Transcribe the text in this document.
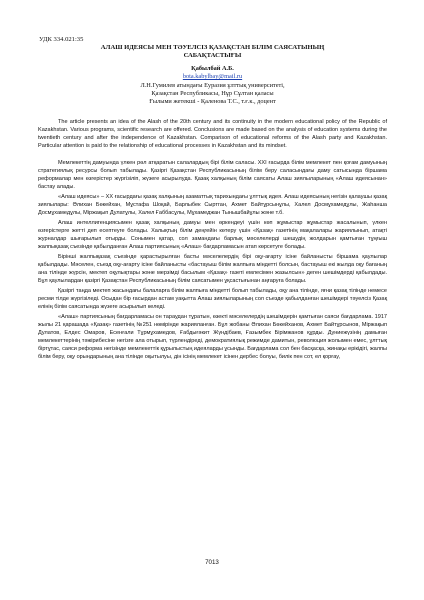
УДК 334.021:35
АЛАШ ИДЕЯСЫ МЕН ТӘУЕЛСІЗ ҚАЗАҚСТАН БІЛІМ САЯСАТЫНЫҢ
САБАҚТАСТЫҒЫ
Қабылбай А.Б.
bota.kabylbay@mail.ru
Л.Н.Гумилев атындағы Еуразия ұлттық университеті,
Қазақстан Республикасы, Нұр Сұлтан қаласы
Ғылыми жетекші - Қаленова Т.С., т.ғ.к., доцент
The article presents an idea of the Alash of the 20th century and its continuity in the modern educational policy of the Republic of Kazakhstan. Various programs, scientific research are offered. Conclusions are made based on the analysis of education systems during the twentieth century and after the independence of Kazakhstan. Comparison of educational reforms of the Alash party and Kazakhstan. Particular attention is paid to the relationship of educational processes in Kazakhstan and its mindset.

Мемлекеттің дамуында үлкен рөл атқаратын салалардың бірі білім саласы. XXI ғасырда білім мемлекет пен қоғам дамуының стратегиялық ресурсы болып табылады. Қазіргі Қазақстан Республикасының білім беру саласындағы даму сатысында біршама реформалар мен өзгерістер жүргізіліп, жүзеге асырылуда. Қазақ халқының білім саясаты Алаш зиялыларының «Алаш идеясынан» бастау алады.

«Алаш идеясы» – XX ғасырдағы қазақ халқының азаматтық тарихындағы ұлттық идея. Алаш идеясының негізін қалаушы қазақ зиялылары: Әлихан Бөкейхан, Мұстафа Шоқай, Барлыбек Сыртган, Ахмет Байтұрсынұлы, Халел Досмұхамедұлы, Жаһанша Досмұхамедұлы, Міржақып Дулатұлы, Халел Ғаббасұлы, Мұхамеджан Тынышбайұлы және т.б.

Алаш интеллигенциясымен қазақ халқының дамуы мен өркендеуі үшін көп жұмыстар жұмыстар жасалынып, үлкен өзгерістерге жетті деп есептеуге болады. Халықтың білім деңгейін көтеру үшін «Қазақ» газетінің мақалалары жариялынып, атақті журналдар шығарылып отырды. Сонымен қатар, сол замандағы барлық мәселелерді шешудің жолдарын қамтыған тұңғыш жалпықазақ съезінде қабылданған Алаш партиясының «Алаш» бағдарламасын атап көрсетуге болады.

Бірінші жалпықазақ съезінде қарастырылған басты мәселелердің бірі оқу-ағарту ісіне байланысты біршама қаулылар қабылдады. Мәселен, съезд оқу-ағарту ісіне байланысты «бастауыш білім жалпыға міндетті болсын, бастауыш екі жылда оқу бағаның ана тілінде жүрсін, мектеп оқулықтары және мерзімді басылым «Қазақ» газеті емлесімен жазылсын» деген шешімдерді қабылдады. Бұл қаулылардан қазіргі Қазақстан Республикасының білім саясатымен ұқсастығынан аңғаруға болады.

Қазіргі таңда мектеп жасындағы балаларға білім жалпыға міндетті болып табылады, оқу ана тілінде, яғни қазақ тілінде немесе ресми тілде жүргізіледі. Осыдан бір ғасырдан астам уақытта Алаш зиялыларының сол съезде қабылданған шешімдері тәуелсіз Қазақ елінің білім саясатында жүзеге асырылып келеді.

«Алаш» партиясының бағдарламасы он тараудан тұратын, өзекті мәселелердің шешімдерін қамтыған саяси бағдарлама. 1917 жылы 21 қарашада «Қазақ» газетінің №251 нөмірінде жарияланған. Бұл жобаны Әлихан Бөкейханов, Ахмет Байтұрсынов, Міржақып Дулатов, Елдес Омаров, Есенғали Тұрмұхамедов, Ғабдығәкит Жүндібаев, Ғазымбек Бірімжанов құрды. Дүниежүзінің дамыған мемлекеттерінің тәжірибесіне негізге ала отырып, түрлендіреді, демократиялық режимде дамитын, революция жолымен емес, ұлттық біртұтас, саяси реформа негізінде мемлекеттік құрылыстың идеяларды ұсынды. Бағдарлама сол бен басқасқа, жинақы ерікідігі, жалпы білім беру, оқу орындарының ана тілінде оқытылуы, дін ісінің мемлекет ісінен дербес болуы, билік пен сот, ел қорғау,

7013
